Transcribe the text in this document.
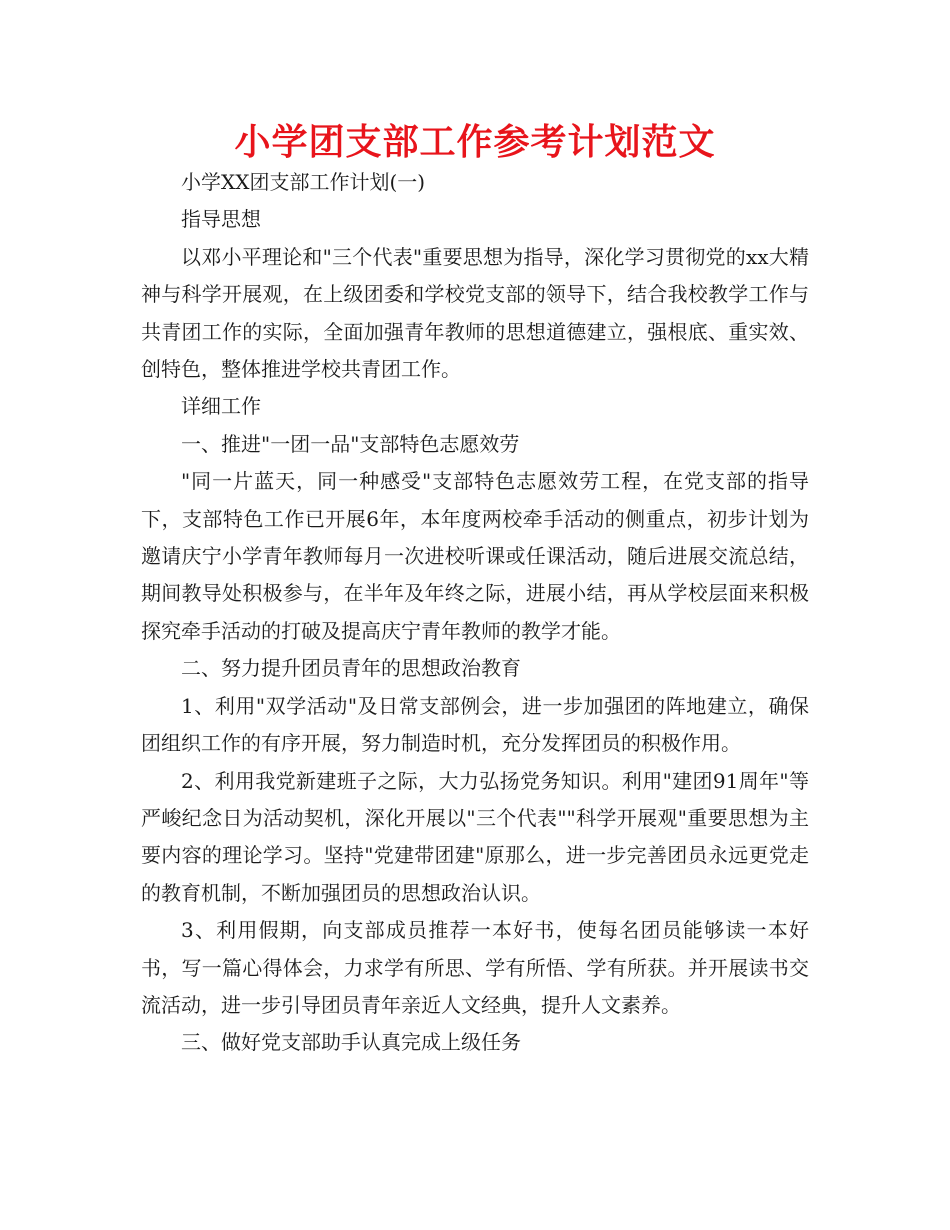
小学团支部工作参考计划范文

小学XX团支部工作计划(一)

指导思想

以邓小平理论和"三个代表"重要思想为指导，深化学习贯彻党的xx大精神与科学开展观，在上级团委和学校党支部的领导下，结合我校教学工作与共青团工作的实际，全面加强青年教师的思想道德建立，强根底、重实效、创特色，整体推进学校共青团工作。

详细工作

一、推进"一团一品"支部特色志愿效劳

"同一片蓝天，同一种感受"支部特色志愿效劳工程，在党支部的指导下，支部特色工作已开展6年，本年度两校牵手活动的侧重点，初步计划为邀请庆宁小学青年教师每月一次进校听课或任课活动，随后进展交流总结，期间教导处积极参与，在半年及年终之际，进展小结，再从学校层面来积极探究牵手活动的打破及提高庆宁青年教师的教学才能。

二、努力提升团员青年的思想政治教育

1、利用"双学活动"及日常支部例会，进一步加强团的阵地建立，确保团组织工作的有序开展，努力制造时机，充分发挥团员的积极作用。

2、利用我党新建班子之际，大力弘扬党务知识。利用"建团91周年"等严峻纪念日为活动契机，深化开展以"三个代表""科学开展观"重要思想为主要内容的理论学习。坚持"党建带团建"原那么，进一步完善团员永远更党走的教育机制，不断加强团员的思想政治认识。

3、利用假期，向支部成员推荐一本好书，使每名团员能够读一本好书，写一篇心得体会，力求学有所思、学有所悟、学有所获。并开展读书交流活动，进一步引导团员青年亲近人文经典，提升人文素养。

三、做好党支部助手认真完成上级任务
